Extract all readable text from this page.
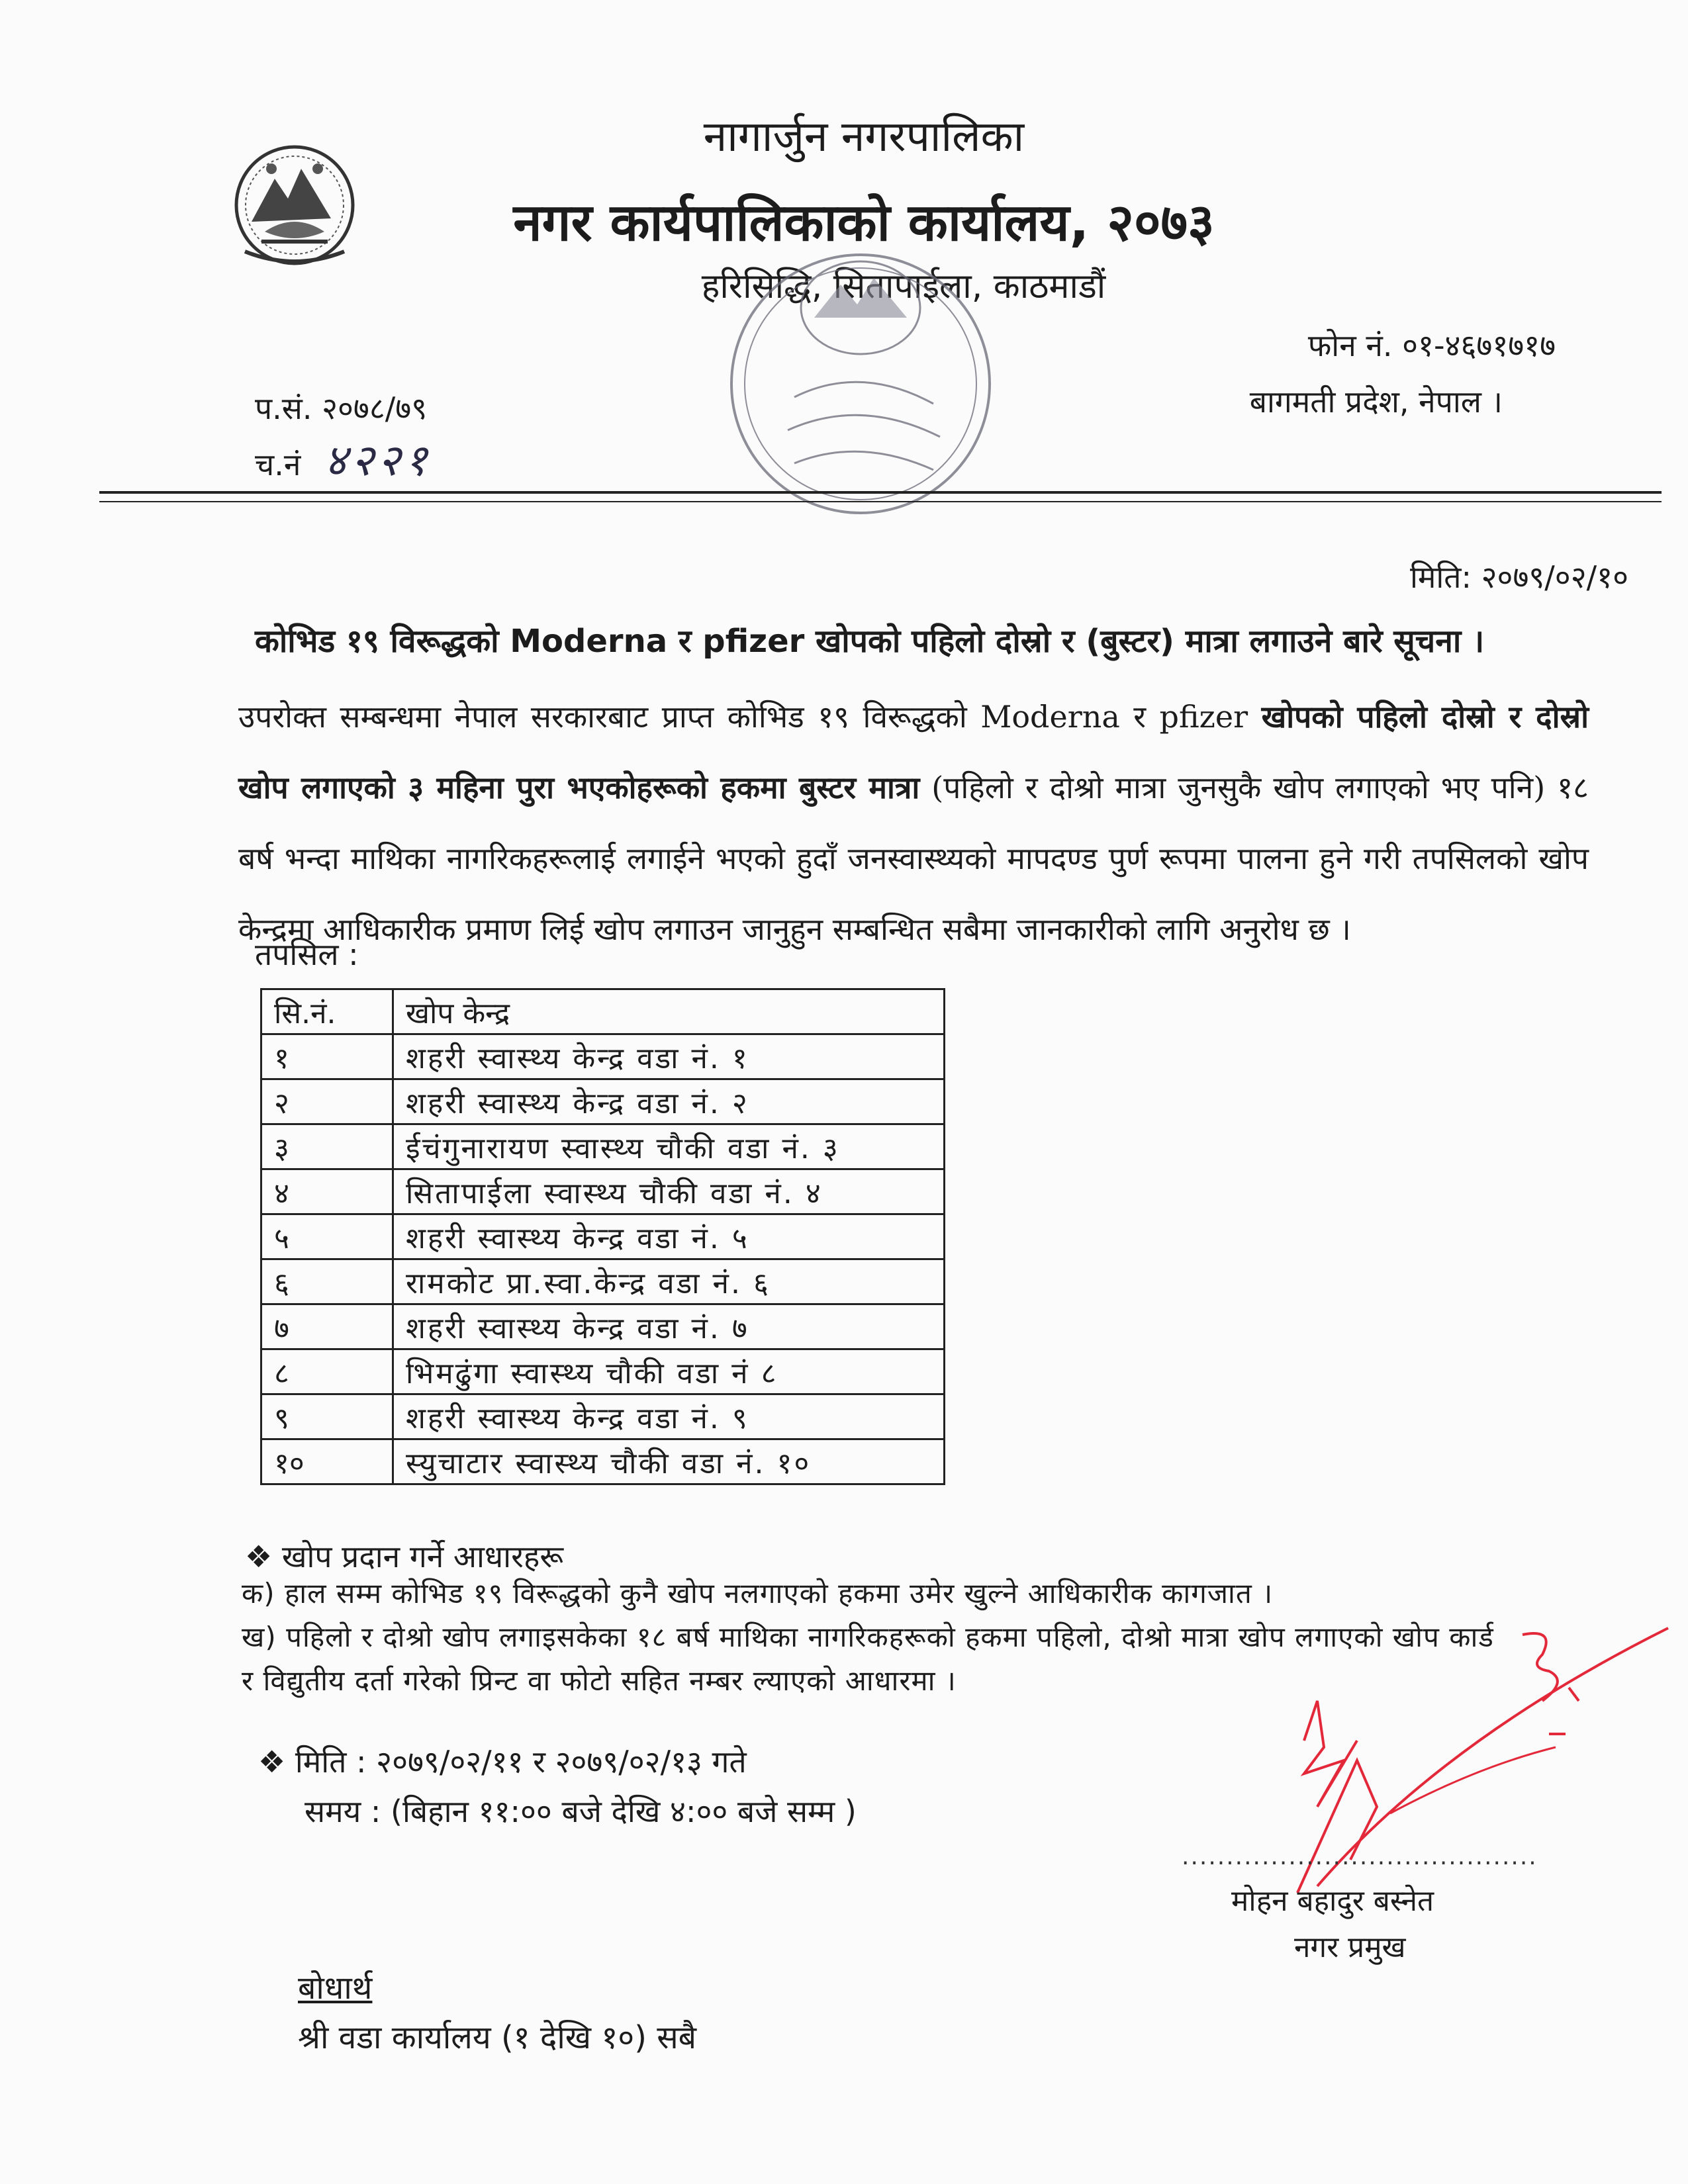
नागार्जुन नगरपालिका
नगर कार्यपालिकाको कार्यालय, २०७३
हरिसिद्धि, सितापाईला, काठमाडौं
फोन नं. ०१-४६७१७१७
बागमती प्रदेश, नेपाल ।
प.सं. २०७८/७९
च.नं ४२२१
मिति: २०७९/०२/१०
कोभिड १९ विरूद्धको Moderna र pfizer खोपको पहिलो दोस्रो र (बुस्टर) मात्रा लगाउने बारे सूचना ।
उपरोक्त सम्बन्धमा नेपाल सरकारबाट प्राप्त कोभिड १९ विरूद्धको Moderna र pfizer खोपको पहिलो दोस्रो र दोस्रो खोप लगाएको ३ महिना पुरा भएकोहरूको हकमा बुस्टर मात्रा (पहिलो र दोश्रो मात्रा जुनसुकै खोप लगाएको भए पनि) १८ बर्ष भन्दा माथिका नागरिकहरूलाई लगाईने भएको हुदाँ जनस्वास्थ्यको मापदण्ड पुर्ण रूपमा पालना हुने गरी तपसिलको खोप केन्द्रमा आधिकारीक प्रमाण लिई खोप लगाउन जानुहुन सम्बन्धित सबैमा जानकारीको लागि अनुरोध छ ।
तपसिल :
सि.नं.	खोप केन्द्र
१	शहरी स्वास्थ्य केन्द्र वडा नं. १
२	शहरी स्वास्थ्य केन्द्र वडा नं. २
३	ईचंगुनारायण स्वास्थ्य चौकी वडा नं. ३
४	सितापाईला स्वास्थ्य चौकी वडा नं. ४
५	शहरी स्वास्थ्य केन्द्र वडा नं. ५
६	रामकोट प्रा.स्वा.केन्द्र वडा नं. ६
७	शहरी स्वास्थ्य केन्द्र वडा नं. ७
८	भिमढुंगा स्वास्थ्य चौकी वडा नं ८
९	शहरी स्वास्थ्य केन्द्र वडा नं. ९
१०	स्युचाटार स्वास्थ्य चौकी वडा नं. १०
❖ खोप प्रदान गर्ने आधारहरू
क) हाल सम्म कोभिड १९ विरूद्धको कुनै खोप नलगाएको हकमा उमेर खुल्ने आधिकारीक कागजात ।
ख) पहिलो र दोश्रो खोप लगाइसकेका १८ बर्ष माथिका नागरिकहरूको हकमा पहिलो, दोश्रो मात्रा खोप लगाएको खोप कार्ड र विद्युतीय दर्ता गरेको प्रिन्ट वा फोटो सहित नम्बर ल्याएको आधारमा ।
❖ मिति : २०७९/०२/११ र २०७९/०२/१३ गते
समय : (बिहान ११:०० बजे देखि ४:०० बजे सम्म )
........................................
मोहन बहादुर बस्नेत
नगर प्रमुख
बोधार्थ
श्री वडा कार्यालय (१ देखि १०) सबै
